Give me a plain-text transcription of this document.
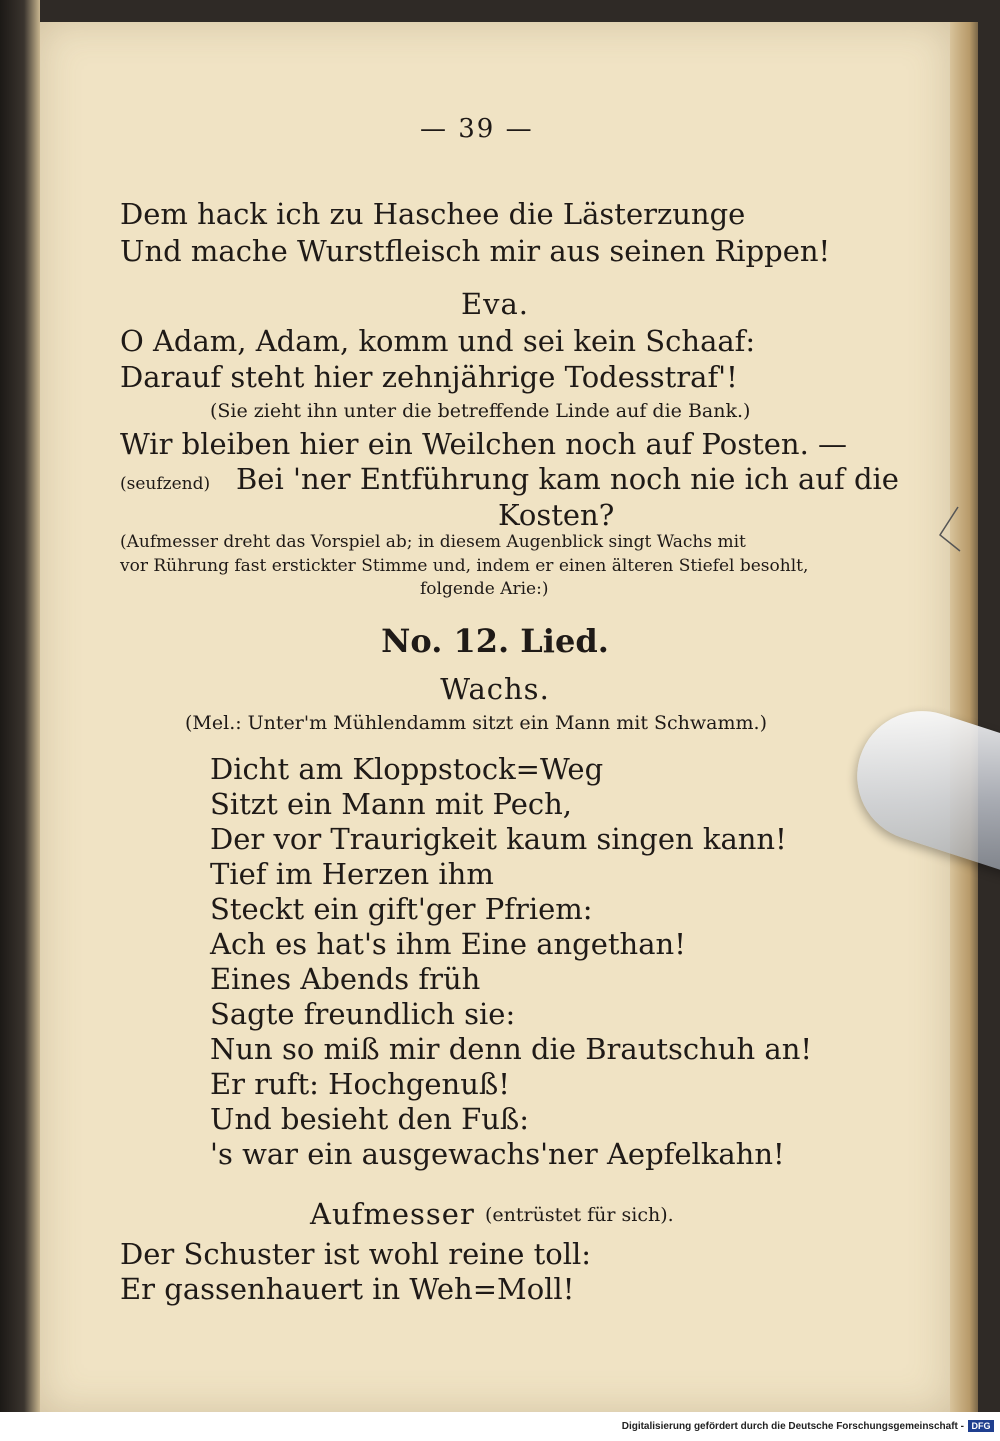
— 39 —
Dem hack ich zu Haschee die Lästerzunge
Und mache Wurstfleisch mir aus seinen Rippen!
Eva.
O Adam, Adam, komm und sei kein Schaaf:
Darauf steht hier zehnjährige Todesstraf'!
(Sie zieht ihn unter die betreffende Linde auf die Bank.)
Wir bleiben hier ein Weilchen noch auf Posten. —
(seufzend) Bei 'ner Entführung kam noch nie ich auf die
Kosten?
(Aufmesser dreht das Vorspiel ab; in diesem Augenblick singt Wachs mit
vor Rührung fast erstickter Stimme und, indem er einen älteren Stiefel besohlt,
folgende Arie:)
No. 12. Lied.
Wachs.
(Mel.: Unter'm Mühlendamm sitzt ein Mann mit Schwamm.)
Dicht am Kloppstock=Weg
Sitzt ein Mann mit Pech,
Der vor Traurigkeit kaum singen kann!
Tief im Herzen ihm
Steckt ein gift'ger Pfriem:
Ach es hat's ihm Eine angethan!
Eines Abends früh
Sagte freundlich sie:
Nun so miß mir denn die Brautschuh an!
Er ruft: Hochgenuß!
Und besieht den Fuß:
's war ein ausgewachs'ner Aepfelkahn!
Aufmesser (entrüstet für sich).
Der Schuster ist wohl reine toll:
Er gassenhauert in Weh=Moll!
Digitalisierung gefördert durch die Deutsche Forschungsgemeinschaft - DFG
